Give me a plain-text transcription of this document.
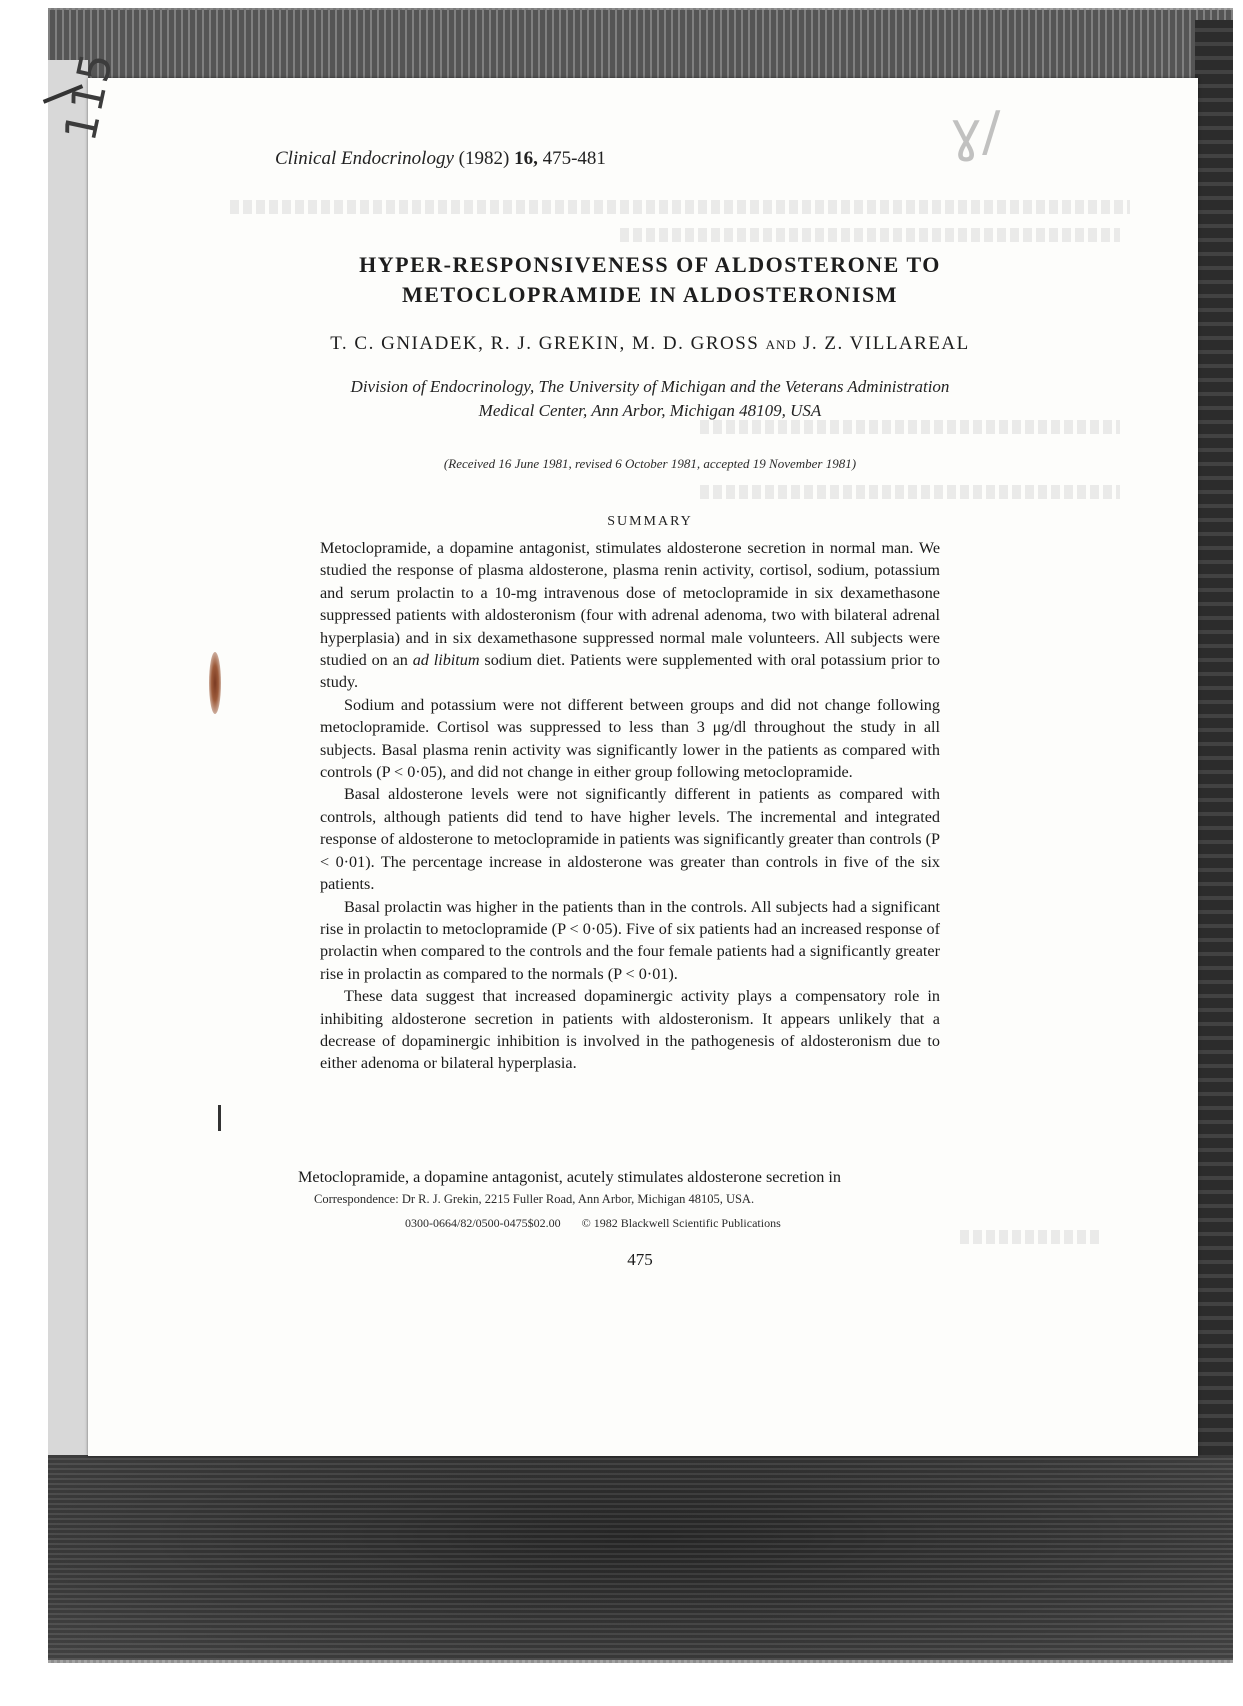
115	ɣ/
Clinical Endocrinology (1982) 16, 475-481
HYPER-RESPONSIVENESS OF ALDOSTERONE TO
METOCLOPRAMIDE IN ALDOSTERONISM
T. C. GNIADEK, R. J. GREKIN, M. D. GROSS AND J. Z. VILLAREAL
Division of Endocrinology, The University of Michigan and the Veterans Administration
Medical Center, Ann Arbor, Michigan 48109, USA
(Received 16 June 1981, revised 6 October 1981, accepted 19 November 1981)
SUMMARY

Metoclopramide, a dopamine antagonist, stimulates aldosterone secretion in normal man. We studied the response of plasma aldosterone, plasma renin activity, cortisol, sodium, potassium and serum prolactin to a 10-mg intravenous dose of metoclopramide in six dexamethasone suppressed patients with aldosteronism (four with adrenal adenoma, two with bilateral adrenal hyperplasia) and in six dexamethasone suppressed normal male volunteers. All subjects were studied on an ad libitum sodium diet. Patients were supplemented with oral potassium prior to study.

Sodium and potassium were not different between groups and did not change following metoclopramide. Cortisol was suppressed to less than 3 μg/dl throughout the study in all subjects. Basal plasma renin activity was significantly lower in the patients as compared with controls (P < 0·05), and did not change in either group following metoclopramide.

Basal aldosterone levels were not significantly different in patients as compared with controls, although patients did tend to have higher levels. The incremental and integrated response of aldosterone to metoclopramide in patients was significantly greater than controls (P < 0·01). The percentage increase in aldosterone was greater than controls in five of the six patients.

Basal prolactin was higher in the patients than in the controls. All subjects had a significant rise in prolactin to metoclopramide (P < 0·05). Five of six patients had an increased response of prolactin when compared to the controls and the four female patients had a significantly greater rise in prolactin as compared to the normals (P < 0·01).

These data suggest that increased dopaminergic activity plays a compensatory role in inhibiting aldosterone secretion in patients with aldosteronism. It appears unlikely that a decrease of dopaminergic inhibition is involved in the pathogenesis of aldosteronism due to either adenoma or bilateral hyperplasia.

Metoclopramide, a dopamine antagonist, acutely stimulates aldosterone secretion in
Correspondence: Dr R. J. Grekin, 2215 Fuller Road, Ann Arbor, Michigan 48105, USA.
0300-0664/82/0500-0475$02.00 © 1982 Blackwell Scientific Publications
475
